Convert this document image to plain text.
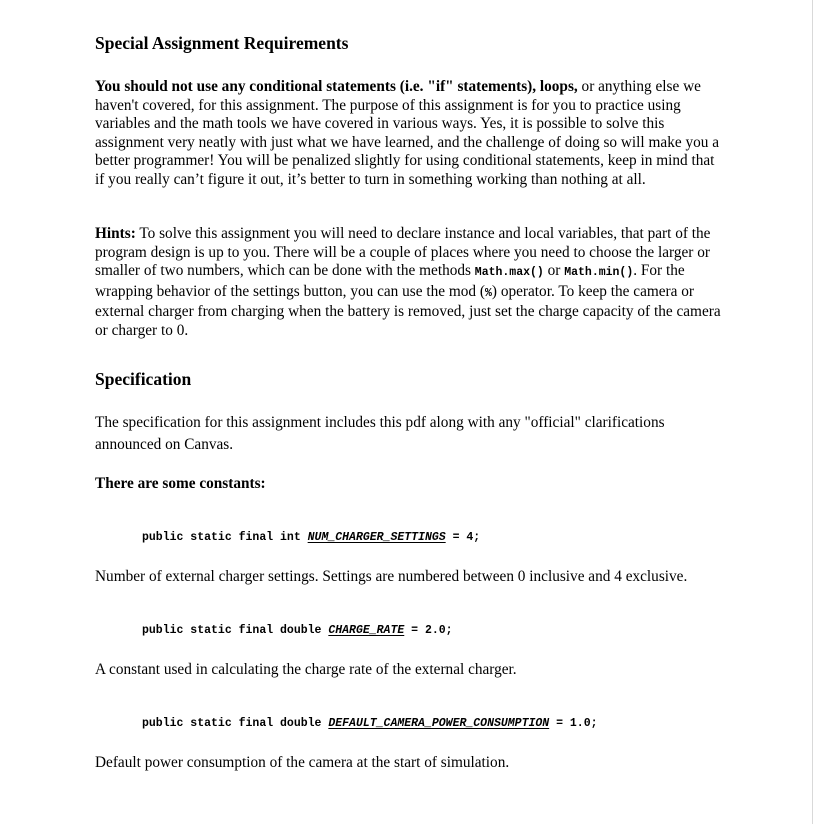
Special Assignment Requirements

You should not use any conditional statements (i.e. "if" statements), loops, or anything else we haven't covered, for this assignment. The purpose of this assignment is for you to practice using variables and the math tools we have covered in various ways. Yes, it is possible to solve this assignment very neatly with just what we have learned, and the challenge of doing so will make you a better programmer! You will be penalized slightly for using conditional statements, keep in mind that if you really can’t figure it out, it’s better to turn in something working than nothing at all.

Hints: To solve this assignment you will need to declare instance and local variables, that part of the program design is up to you. There will be a couple of places where you need to choose the larger or smaller of two numbers, which can be done with the methods Math.max() or Math.min(). For the wrapping behavior of the settings button, you can use the mod (%) operator. To keep the camera or external charger from charging when the battery is removed, just set the charge capacity of the camera or charger to 0.

Specification

The specification for this assignment includes this pdf along with any "official" clarifications announced on Canvas.

There are some constants:

public static final int NUM_CHARGER_SETTINGS = 4;

Number of external charger settings. Settings are numbered between 0 inclusive and 4 exclusive.

public static final double CHARGE_RATE = 2.0;

A constant used in calculating the charge rate of the external charger.

public static final double DEFAULT_CAMERA_POWER_CONSUMPTION = 1.0;

Default power consumption of the camera at the start of simulation.
